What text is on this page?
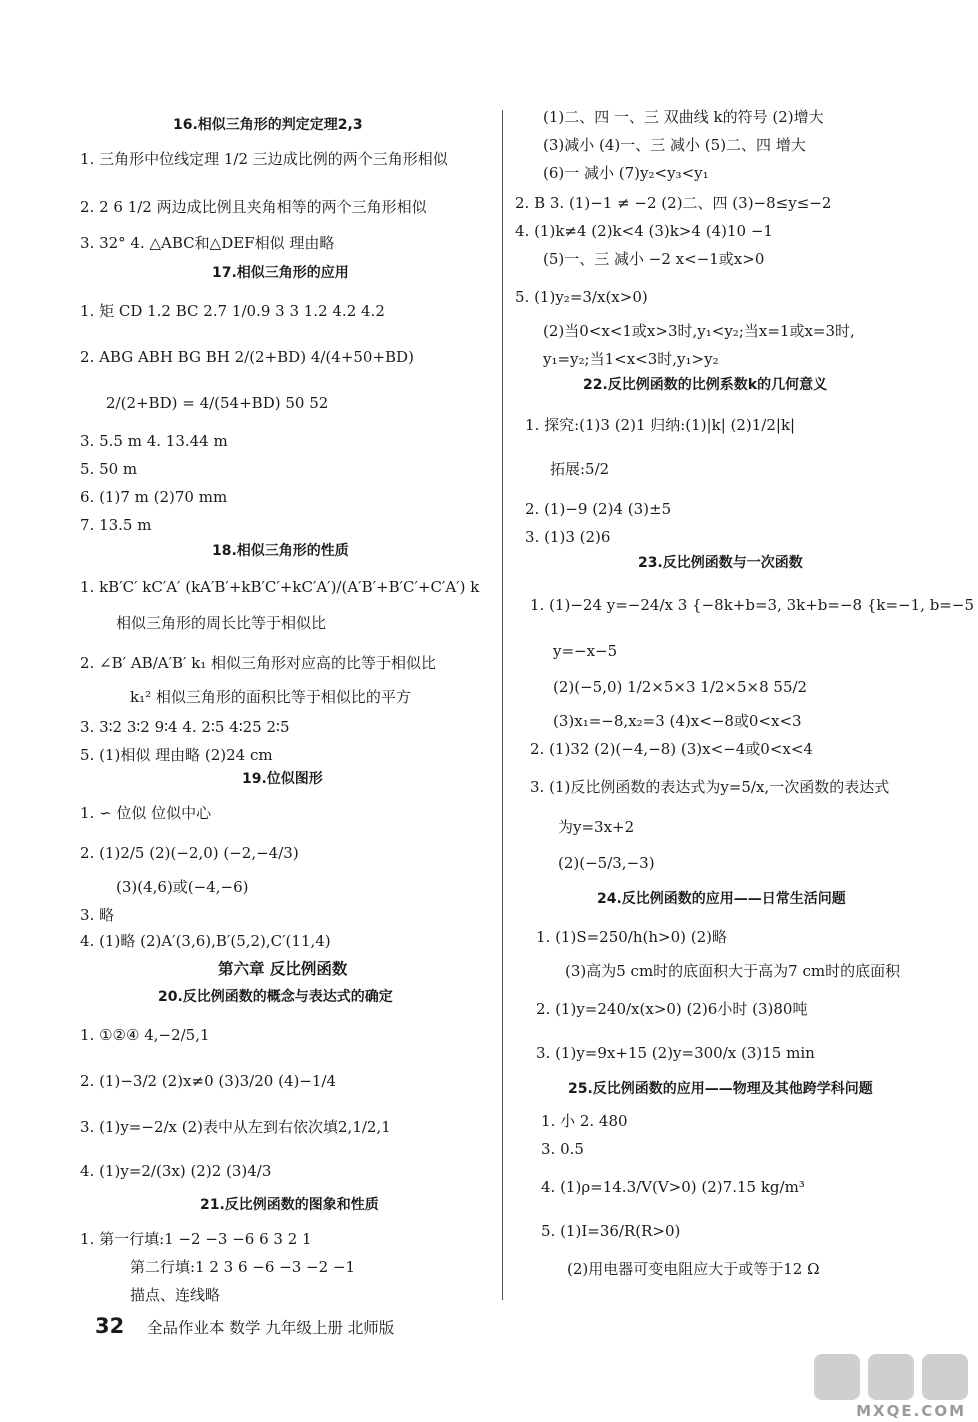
16.相似三角形的判定定理2,3
1. 三角形中位线定理 1/2 三边成比例的两个三角形相似
2. 2 6 1/2 两边成比例且夹角相等的两个三角形相似
3. 32° 4. △ABC和△DEF相似 理由略
17.相似三角形的应用
1. 矩 CD 1.2 BC 2.7 1/0.9 3 3 1.2 4.2 4.2
2. ABG ABH BG BH 2/(2+BD) 4/(4+50+BD)
2/(2+BD) = 4/(54+BD) 50 52
3. 5.5 m 4. 13.44 m
5. 50 m
6. (1)7 m (2)70 mm
7. 13.5 m
18.相似三角形的性质
1. kB′C′ kC′A′ (kA′B′+kB′C′+kC′A′)/(A′B′+B′C′+C′A′) k
相似三角形的周长比等于相似比
2. ∠B′ AB/A′B′ k₁ 相似三角形对应高的比等于相似比
k₁² 相似三角形的面积比等于相似比的平方
3. 3∶2 3∶2 9∶4 4. 2∶5 4∶25 2∶5
5. (1)相似 理由略 (2)24 cm
19.位似图形
1. ∽ 位似 位似中心
2. (1)2/5 (2)(−2,0) (−2,−4/3)
(3)(4,6)或(−4,−6)
3. 略
4. (1)略 (2)A′(3,6),B′(5,2),C′(11,4)
第六章 反比例函数
20.反比例函数的概念与表达式的确定
1. ①②④ 4,−2/5,1
2. (1)−3/2 (2)x≠0 (3)3/20 (4)−1/4
3. (1)y=−2/x (2)表中从左到右依次填2,1/2,1
4. (1)y=2/(3x) (2)2 (3)4/3
21.反比例函数的图象和性质
1. 第一行填:1 −2 −3 −6 6 3 2 1
第二行填:1 2 3 6 −6 −3 −2 −1
描点、连线略
(1)二、四 一、三 双曲线 k的符号 (2)增大
(3)减小 (4)一、三 减小 (5)二、四 增大
(6)一 减小 (7)y₂<y₃<y₁
2. B 3. (1)−1 ≠ −2 (2)二、四 (3)−8≤y≤−2
4. (1)k≠4 (2)k<4 (3)k>4 (4)10 −1
(5)一、三 减小 −2 x<−1或x>0
5. (1)y₂=3/x(x>0)
(2)当0<x<1或x>3时,y₁<y₂;当x=1或x=3时,
y₁=y₂;当1<x<3时,y₁>y₂
22.反比例函数的比例系数k的几何意义
1. 探究:(1)3 (2)1 归纳:(1)|k| (2)1/2|k|
拓展:5/2
2. (1)−9 (2)4 (3)±5
3. (1)3 (2)6
23.反比例函数与一次函数
1. (1)−24 y=−24/x 3 {−8k+b=3, 3k+b=−8 {k=−1, b=−5
y=−x−5
(2)(−5,0) 1/2×5×3 1/2×5×8 55/2
(3)x₁=−8,x₂=3 (4)x<−8或0<x<3
2. (1)32 (2)(−4,−8) (3)x<−4或0<x<4
3. (1)反比例函数的表达式为y=5/x,一次函数的表达式
为y=3x+2
(2)(−5/3,−3)
24.反比例函数的应用——日常生活问题
1. (1)S=250/h(h>0) (2)略
(3)高为5 cm时的底面积大于高为7 cm时的底面积
2. (1)y=240/x(x>0) (2)6小时 (3)80吨
3. (1)y=9x+15 (2)y=300/x (3)15 min
25.反比例函数的应用——物理及其他跨学科问题
1. 小 2. 480
3. 0.5
4. (1)ρ=14.3/V(V>0) (2)7.15 kg/m³
5. (1)I=36/R(R>0)
(2)用电器可变电阻应大于或等于12 Ω
32 全品作业本 数学 九年级上册 北师版
MXQE.COM
